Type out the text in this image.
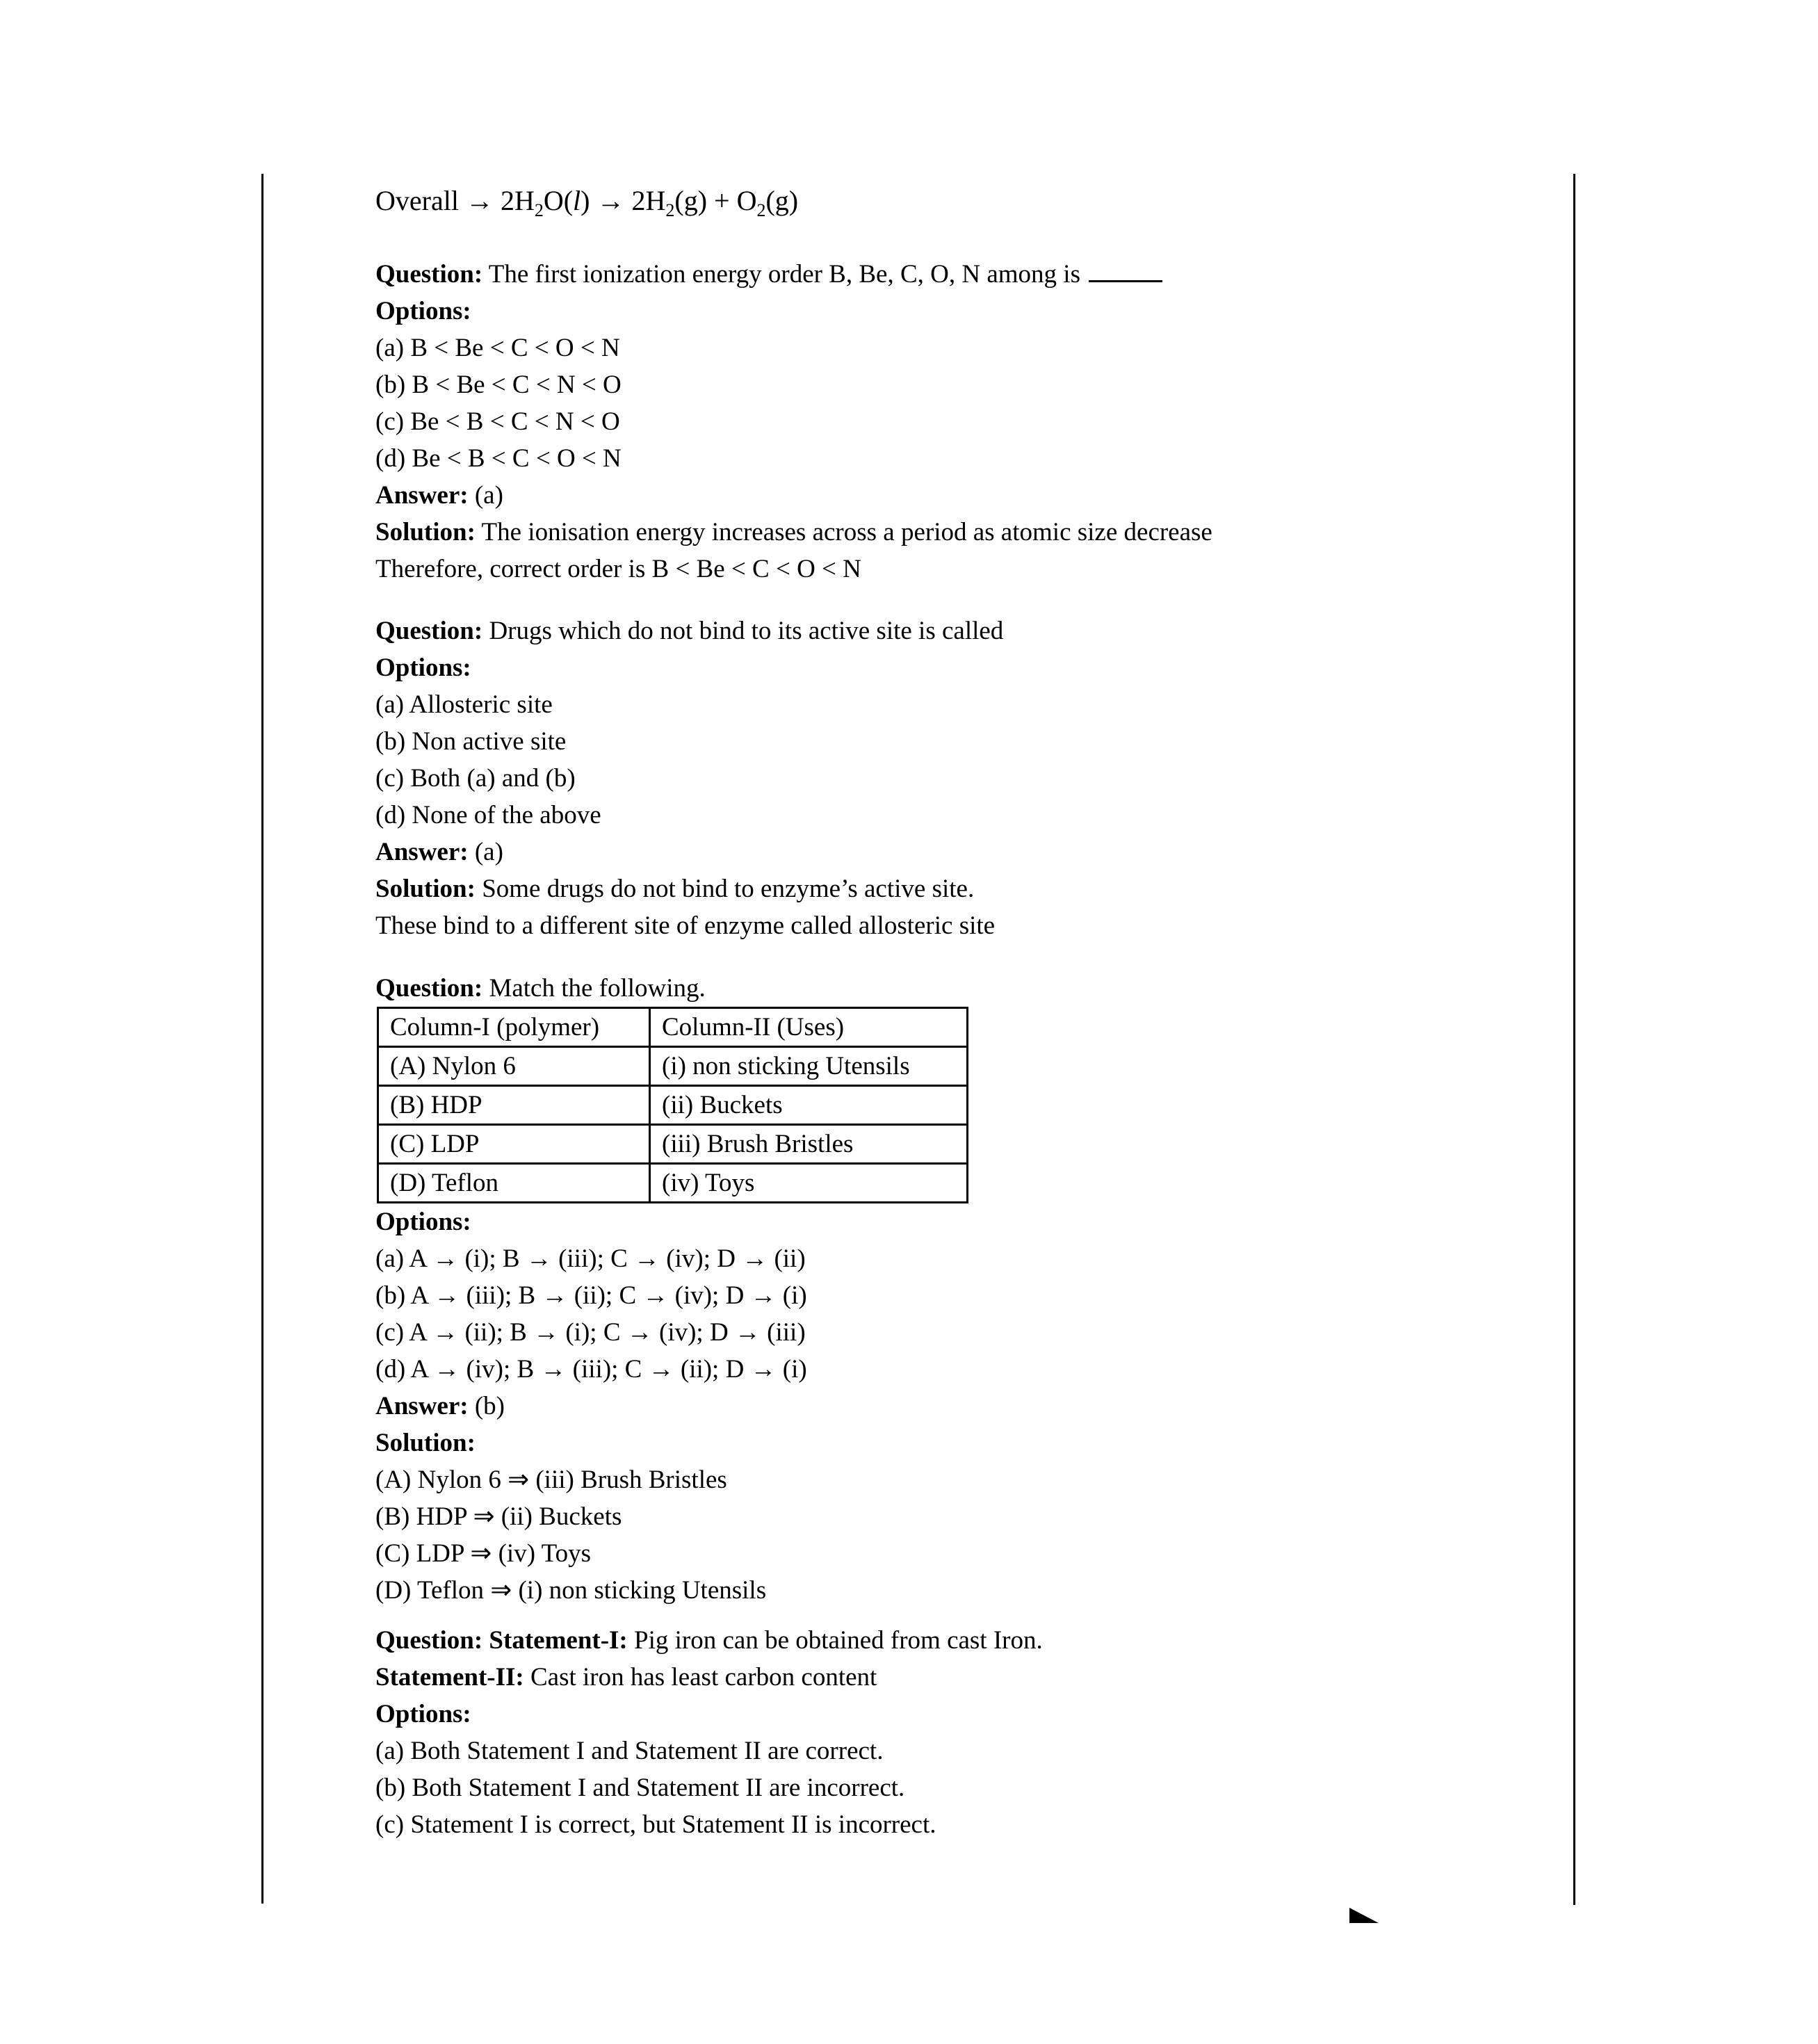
Overall → $2H_2O(l) \to 2H_2(g) + O_2(g)$

Question: The first ionization energy order B, Be, C, O, N among is

Options:

(a) B < Be < C < O < N

(b) B < Be < C < N < O

(c) Be < B < C < N < O

(d) Be < B < C < O < N

Answer: (a)

Solution: The ionisation energy increases across a period as atomic size decrease

Therefore, correct order is B < Be < C < O < N

Question: Drugs which do not bind to its active site is called

Options:

(a) Allosteric site

(b) Non active site

(c) Both (a) and (b)

(d) None of the above

Answer: (a)

Solution: Some drugs do not bind to enzyme’s active site.

These bind to a different site of enzyme called allosteric site

Question: Match the following.

Column-I (polymer)	Column-II (Uses)
(A) Nylon 6	(i) non sticking Utensils
(B) HDP	(ii) Buckets
(C) LDP	(iii) Brush Bristles
(D) Teflon	(iv) Toys

Options:

(a) A → (i); B → (iii); C → (iv); D → (ii)

(b) A → (iii); B → (ii); C → (iv); D → (i)

(c) A → (ii); B → (i); C → (iv); D → (iii)

(d) A → (iv); B → (iii); C → (ii); D → (i)

Answer: (b)

Solution:

(A) Nylon 6 ⇒ (iii) Brush Bristles

(B) HDP ⇒ (ii) Buckets

(C) LDP ⇒ (iv) Toys

(D) Teflon ⇒ (i) non sticking Utensils

Question: Statement-I: Pig iron can be obtained from cast Iron.

Statement-II: Cast iron has least carbon content

Options:

(a) Both Statement I and Statement II are correct.

(b) Both Statement I and Statement II are incorrect.

(c) Statement I is correct, but Statement II is incorrect.
